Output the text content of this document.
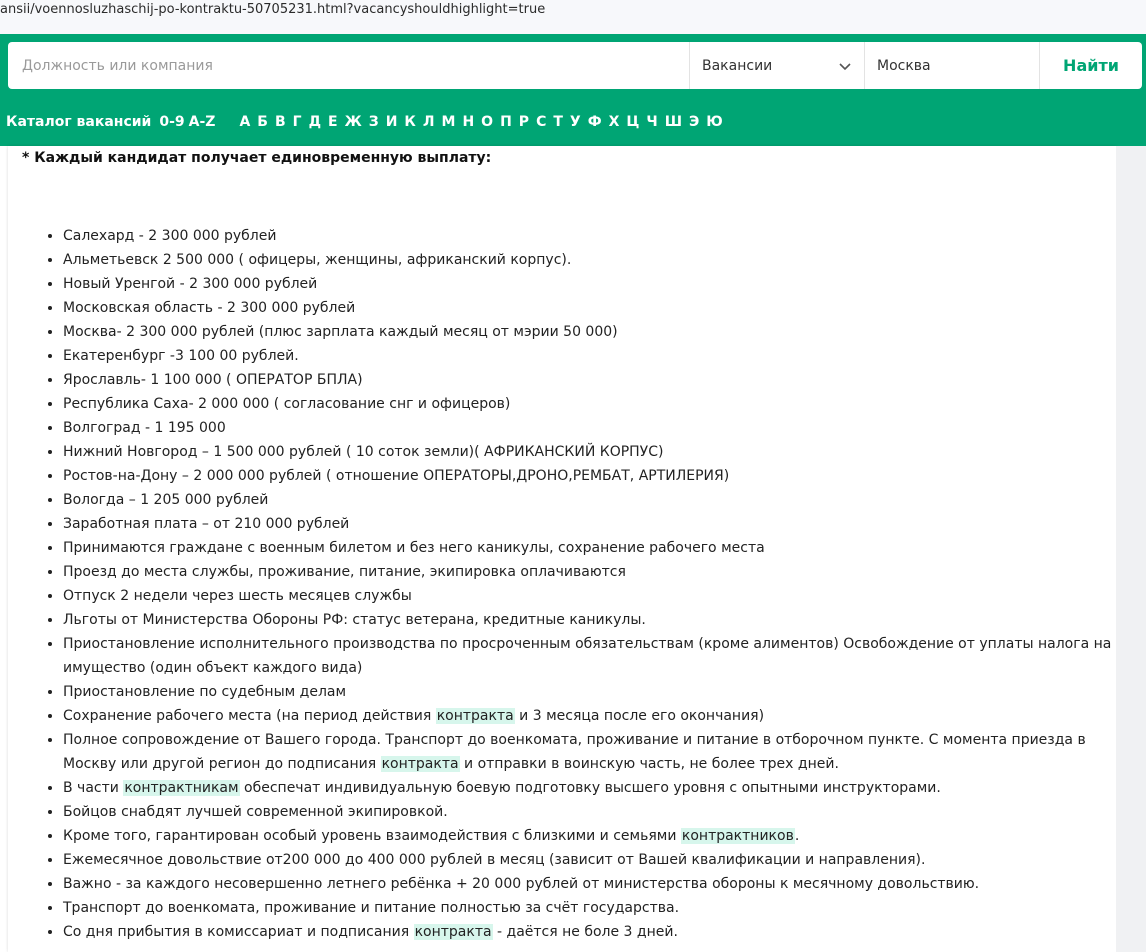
ansii/voennosluzhaschij-po-kontraktu-50705231.html?vacancyshouldhighlight=true
Должность или компания
Вакансии	Москва	Найти
Каталог вакансий 0-9 A-Z А Б В Г Д Е Ж З И К Л М Н О П Р С Т У Ф Х Ц Ч Ш Э Ю
* Каждый кандидат получает единовременную выплату:
• Салехард - 2 300 000 рублей
• Альметьевск 2 500 000 ( офицеры, женщины, африканский корпус).
• Новый Уренгой - 2 300 000 рублей
• Московская область - 2 300 000 рублей
• Москва- 2 300 000 рублей (плюс зарплата каждый месяц от мэрии 50 000)
• Екатеренбург -3 100 00 рублей.
• Ярославль- 1 100 000 ( ОПЕРАТОР БПЛА)
• Республика Саха- 2 000 000 ( согласование снг и офицеров)
• Волгоград - 1 195 000
• Нижний Новгород – 1 500 000 рублей ( 10 соток земли)( АФРИКАНСКИЙ КОРПУС)
• Ростов-на-Дону – 2 000 000 рублей ( отношение ОПЕРАТОРЫ,ДРОНО,РЕМБАТ, АРТИЛЕРИЯ)
• Вологда – 1 205 000 рублей
• Заработная плата – от 210 000 рублей
• Принимаются граждане с военным билетом и без него каникулы, сохранение рабочего места
• Проезд до места службы, проживание, питание, экипировка оплачиваются
• Отпуск 2 недели через шесть месяцев службы
• Льготы от Министерства Обороны РФ: статус ветерана, кредитные каникулы.
• Приостановление исполнительного производства по просроченным обязательствам (кроме алиментов) Освобождение от уплаты налога на имущество (один объект каждого вида)
• Приостановление по судебным делам
• Сохранение рабочего места (на период действия контракта и 3 месяца после его окончания)
• Полное сопровождение от Вашего города. Транспорт до военкомата, проживание и питание в отборочном пункте. С момента приезда в Москву или другой регион до подписания контракта и отправки в воинскую часть, не более трех дней.
• В части контрактникам обеспечат индивидуальную боевую подготовку высшего уровня с опытными инструкторами.
• Бойцов снабдят лучшей современной экипировкой.
• Кроме того, гарантирован особый уровень взаимодействия с близкими и семьями контрактников.
• Ежемесячное довольствие от200 000 до 400 000 рублей в месяц (зависит от Вашей квалификации и направления).
• Важно - за каждого несовершенно летнего ребёнка + 20 000 рублей от министерства обороны к месячному довольствию.
• Транспорт до военкомата, проживание и питание полностью за счёт государства.
• Со дня прибытия в комиссариат и подписания контракта - даётся не боле 3 дней.
